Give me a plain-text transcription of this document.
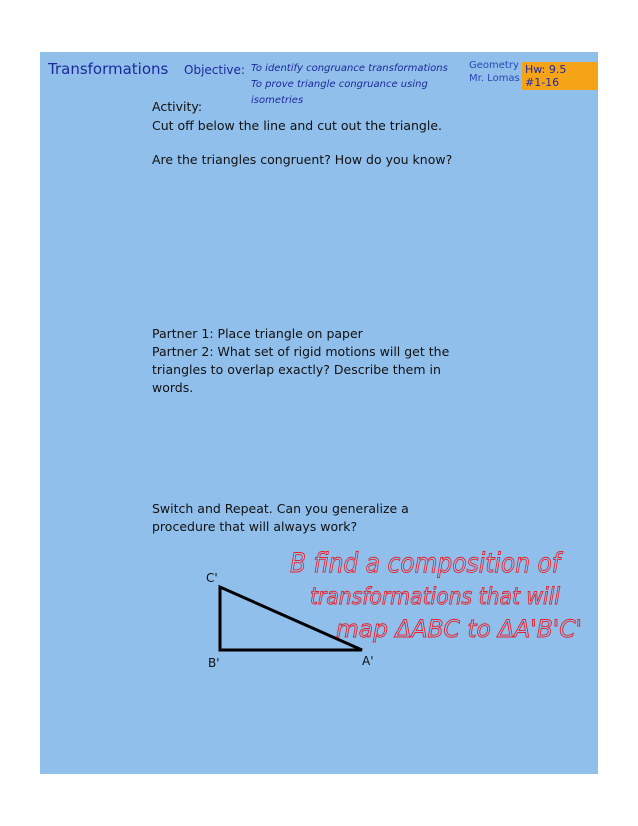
Transformations Objective: To identify congruance transformations
To prove triangle congruance using
isometries
Geometry
Mr. Lomas
Hw: 9.5
#1-16
Activity:
Cut off below the line and cut out the triangle.
Are the triangles congruent? How do you know?
Partner 1: Place triangle on paper
Partner 2: What set of rigid motions will get the
triangles to overlap exactly? Describe them in
words.
Switch and Repeat. Can you generalize a
procedure that will always work?
C'
B'	A'
B find a composition of
transformations that will
map ΔABC to ΔA'B'C'
